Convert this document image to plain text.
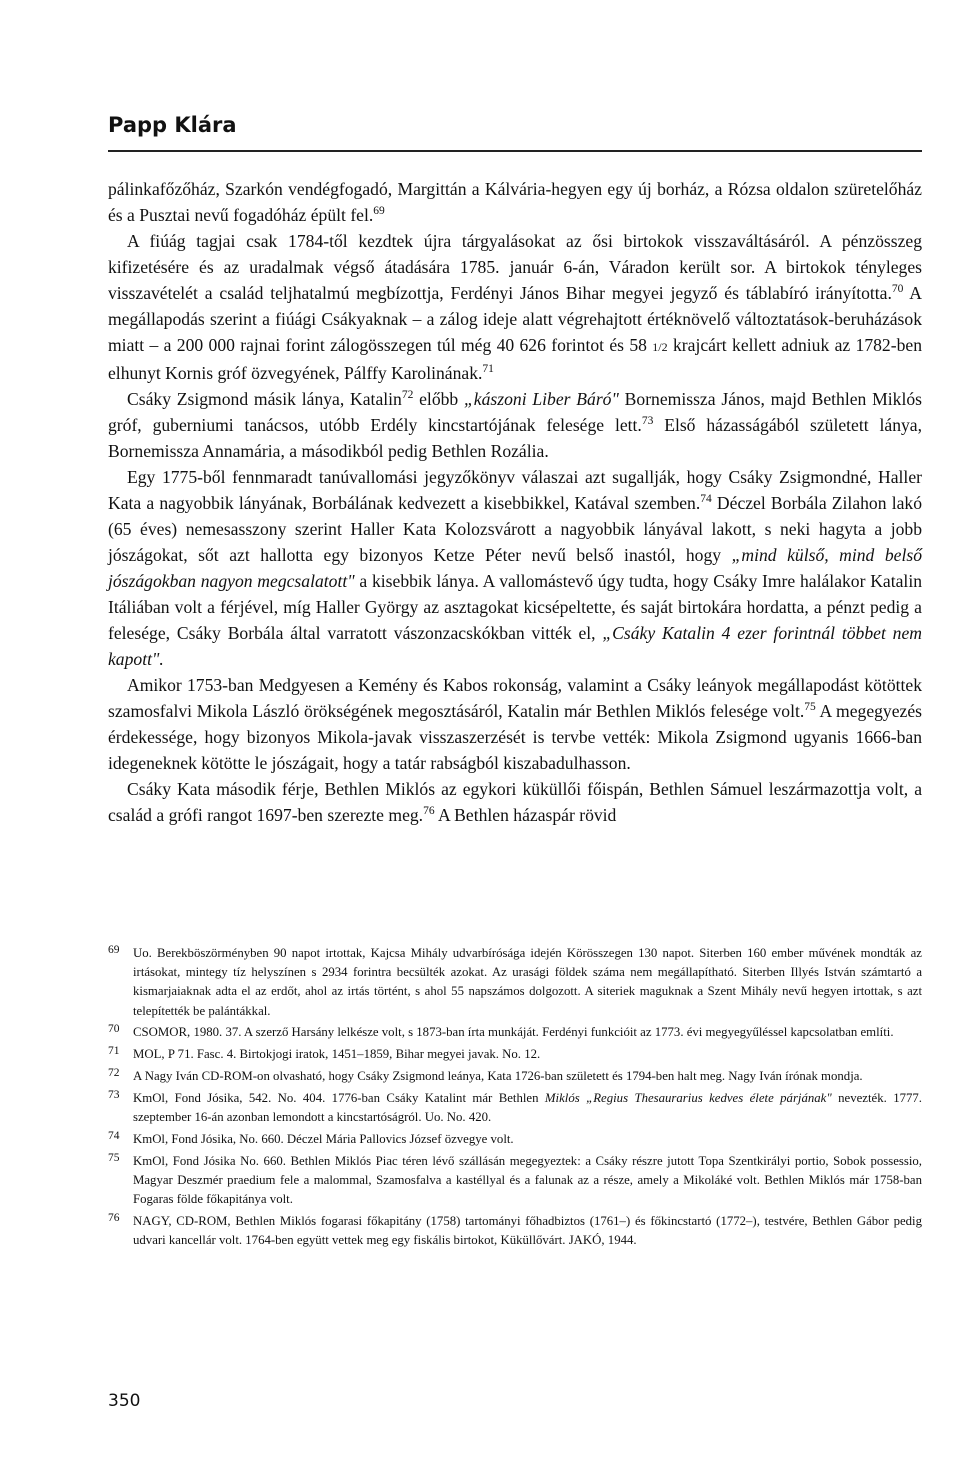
Papp Klára

pálinkafőzőház, Szarkón vendégfogadó, Margittán a Kálvária-hegyen egy új borház, a Rózsa oldalon szüretelőház és a Pusztai nevű fogadóház épült fel.$^{69}$

A fiúág tagjai csak 1784-től kezdtek újra tárgyalásokat az ősi birtokok visszaváltásáról. A pénzösszeg kifizetésére és az uradalmak végső átadására 1785. január 6-án, Váradon került sor. A birtokok tényleges visszavételét a család teljhatalmú megbízottja, Ferdényi János Bihar megyei jegyző és táblabíró irányította.$^{70}$ A megállapodás szerint a fiúági Csákyaknak – a zálog ideje alatt végrehajtott értéknövelő változtatások-beruházások miatt – a 200 000 rajnai forint zálogösszegen túl még 40 626 forintot és 58 1/2 krajcárt kellett adniuk az 1782-ben elhunyt Kornis gróf özvegyének, Pálffy Karolinának.$^{71}$

Csáky Zsigmond másik lánya, Katalin$^{72}$ előbb „kászoni Liber Báró" Bornemissza János, majd Bethlen Miklós gróf, guberniumi tanácsos, utóbb Erdély kincstartójának felesége lett.$^{73}$ Első házasságából született lánya, Bornemissza Annamária, a másodikból pedig Bethlen Rozália.

Egy 1775-ből fennmaradt tanúvallomási jegyzőkönyv válaszai azt sugallják, hogy Csáky Zsigmondné, Haller Kata a nagyobbik lányának, Borbálának kedvezett a kisebbikkel, Katával szemben.$^{74}$ Déczel Borbála Zilahon lakó (65 éves) nemesasszony szerint Haller Kata Kolozsvárott a nagyobbik lányával lakott, s neki hagyta a jobb jószágokat, sőt azt hallotta egy bizonyos Ketze Péter nevű belső inastól, hogy „mind külső, mind belső jószágokban nagyon megcsalatott" a kisebbik lánya. A vallomástevő úgy tudta, hogy Csáky Imre halálakor Katalin Itáliában volt a férjével, míg Haller György az asztagokat kicsépeltette, és saját birtokára hordatta, a pénzt pedig a felesége, Csáky Borbála által varratott vászonzacskókban vitték el, „Csáky Katalin 4 ezer forintnál többet nem kapott".

Amikor 1753-ban Medgyesen a Kemény és Kabos rokonság, valamint a Csáky leányok megállapodást kötöttek szamosfalvi Mikola László örökségének megosztásáról, Katalin már Bethlen Miklós felesége volt.$^{75}$ A megegyezés érdekessége, hogy bizonyos Mikola-javak visszaszerzését is tervbe vették: Mikola Zsigmond ugyanis 1666-ban idegeneknek kötötte le jószágait, hogy a tatár rabságból kiszabadulhasson.

Csáky Kata második férje, Bethlen Miklós az egykori küküllői főispán, Bethlen Sámuel leszármazottja volt, a család a grófi rangot 1697-ben szerezte meg.$^{76}$ A Bethlen házaspár rövid

69	Uo. Berekböszörményben 90 napot irtottak, Kajcsa Mihály udvarbírósága idején Körösszegen 130 napot. Siterben 160 ember művének mondták az irtásokat, mintegy tíz helyszínen s 2934 forintra becsülték azokat. Az urasági földek száma nem megállapítható. Siterben Illyés István számtartó a kismarjaiaknak adta el az erdőt, ahol az irtás történt, s ahol 55 napszámos dolgozott. A siteriek maguknak a Szent Mihály nevű hegyen irtottak, s azt telepítették be palántákkal.
70	CSOMOR, 1980. 37. A szerző Harsány lelkésze volt, s 1873-ban írta munkáját. Ferdényi funkcióit az 1773. évi megyegyűléssel kapcsolatban említi.
71	MOL, P 71. Fasc. 4. Birtokjogi iratok, 1451–1859, Bihar megyei javak. No. 12.
72	A Nagy Iván CD-ROM-on olvasható, hogy Csáky Zsigmond leánya, Kata 1726-ban született és 1794-ben halt meg. Nagy Iván írónak mondja.
73	KmOl, Fond Jósika, 542. No. 404. 1776-ban Csáky Katalint már Bethlen Miklós „Regius Thesaurarius kedves élete párjának" nevezték. 1777. szeptember 16-án azonban lemondott a kincstartóságról. Uo. No. 420.
74	KmOl, Fond Jósika, No. 660. Déczel Mária Pallovics József özvegye volt.
75	KmOl, Fond Jósika No. 660. Bethlen Miklós Piac téren lévő szállásán megegyeztek: a Csáky részre jutott Topa Szentkirályi portio, Sobok possessio, Magyar Deszmér praedium fele a malommal, Szamosfalva a kastéllyal és a falunak az a része, amely a Mikoláké volt. Bethlen Miklós már 1758-ban Fogaras földe főkapitánya volt.
76	NAGY, CD-ROM, Bethlen Miklós fogarasi főkapitány (1758) tartományi főhadbiztos (1761–) és főkincstartó (1772–), testvére, Bethlen Gábor pedig udvari kancellár volt. 1764-ben együtt vettek meg egy fiskális birtokot, Küküllővárt. JAKÓ, 1944.
350
